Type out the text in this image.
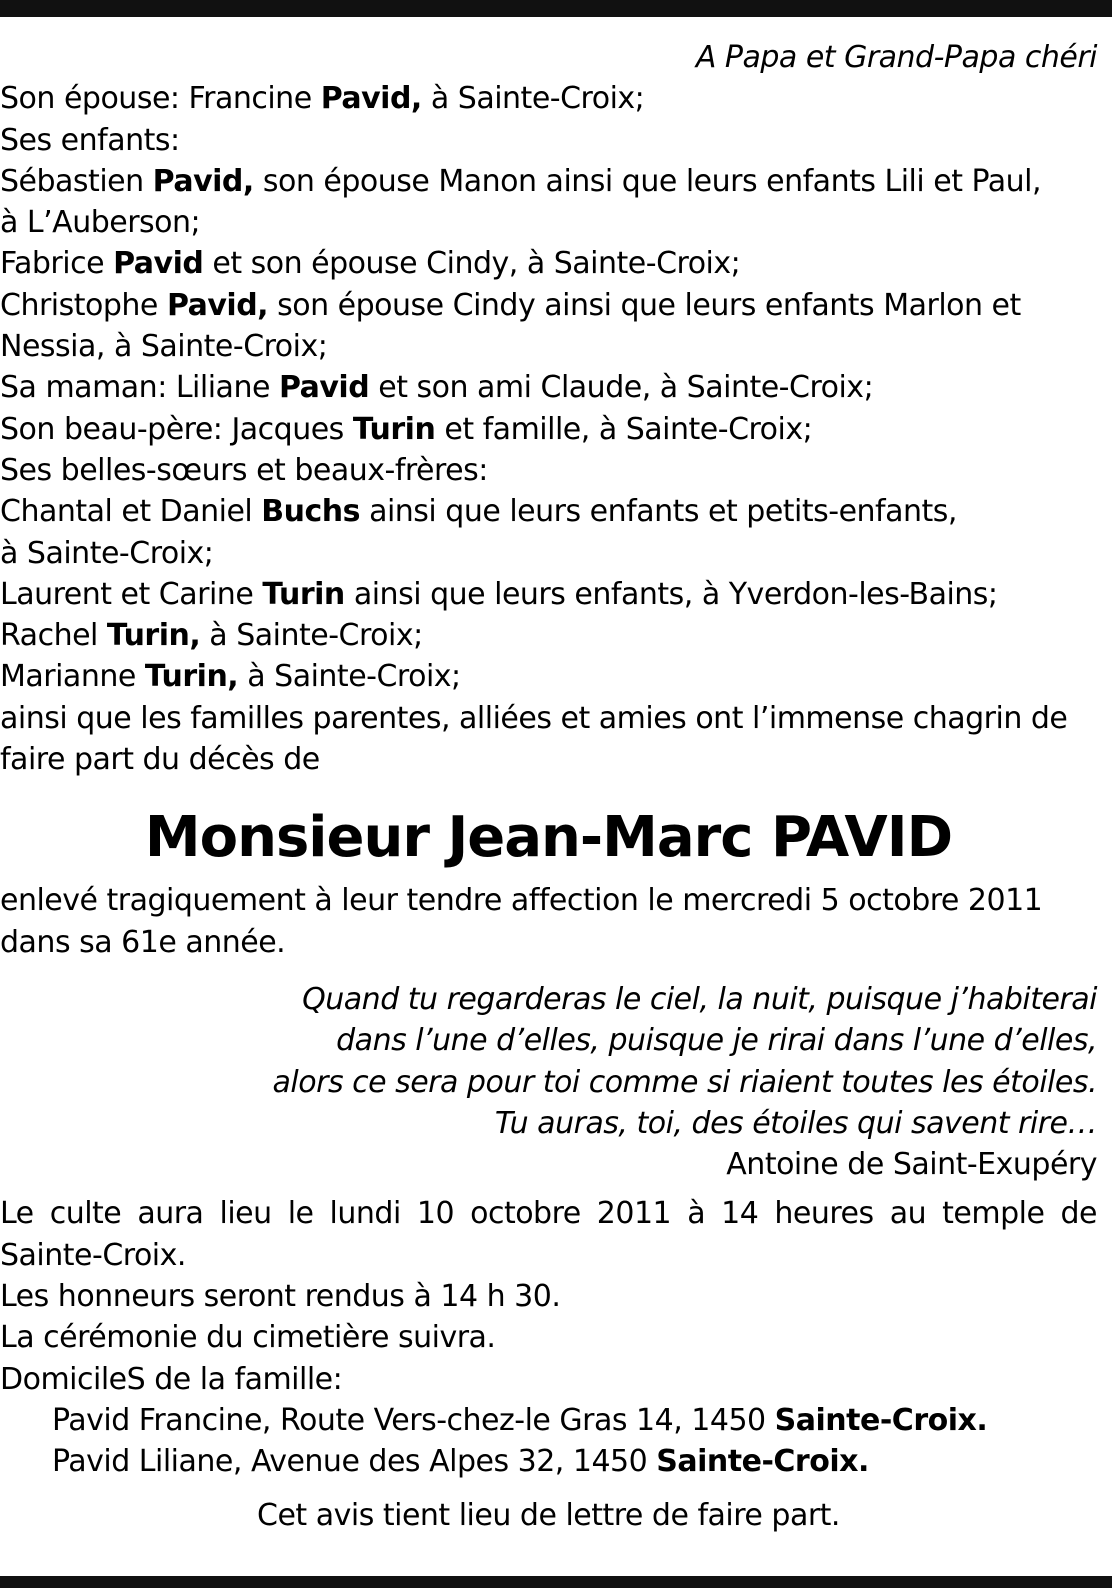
A Papa et Grand-Papa chéri
Son épouse: Francine Pavid, à Sainte-Croix;
Ses enfants:
Sébastien Pavid, son épouse Manon ainsi que leurs enfants Lili et Paul,
à L’Auberson;
Fabrice Pavid et son épouse Cindy, à Sainte-Croix;
Christophe Pavid, son épouse Cindy ainsi que leurs enfants Marlon et
Nessia, à Sainte-Croix;
Sa maman: Liliane Pavid et son ami Claude, à Sainte-Croix;
Son beau-père: Jacques Turin et famille, à Sainte-Croix;
Ses belles-sœurs et beaux-frères:
Chantal et Daniel Buchs ainsi que leurs enfants et petits-enfants,
à Sainte-Croix;
Laurent et Carine Turin ainsi que leurs enfants, à Yverdon-les-Bains;
Rachel Turin, à Sainte-Croix;
Marianne Turin, à Sainte-Croix;
ainsi que les familles parentes, alliées et amies ont l’immense chagrin de
faire part du décès de
Monsieur Jean-Marc PAVID
enlevé tragiquement à leur tendre affection le mercredi 5 octobre 2011
dans sa 61e année.
Quand tu regarderas le ciel, la nuit, puisque j’habiterai
dans l’une d’elles, puisque je rirai dans l’une d’elles,
alors ce sera pour toi comme si riaient toutes les étoiles.
Tu auras, toi, des étoiles qui savent rire…
Antoine de Saint-Exupéry
Le culte aura lieu le lundi 10 octobre 2011 à 14 heures au temple de
Sainte-Croix.
Les honneurs seront rendus à 14 h 30.
La cérémonie du cimetière suivra.
DomicileS de la famille:
Pavid Francine, Route Vers-chez-le Gras 14, 1450 Sainte-Croix.
Pavid Liliane, Avenue des Alpes 32, 1450 Sainte-Croix.
Cet avis tient lieu de lettre de faire part.
